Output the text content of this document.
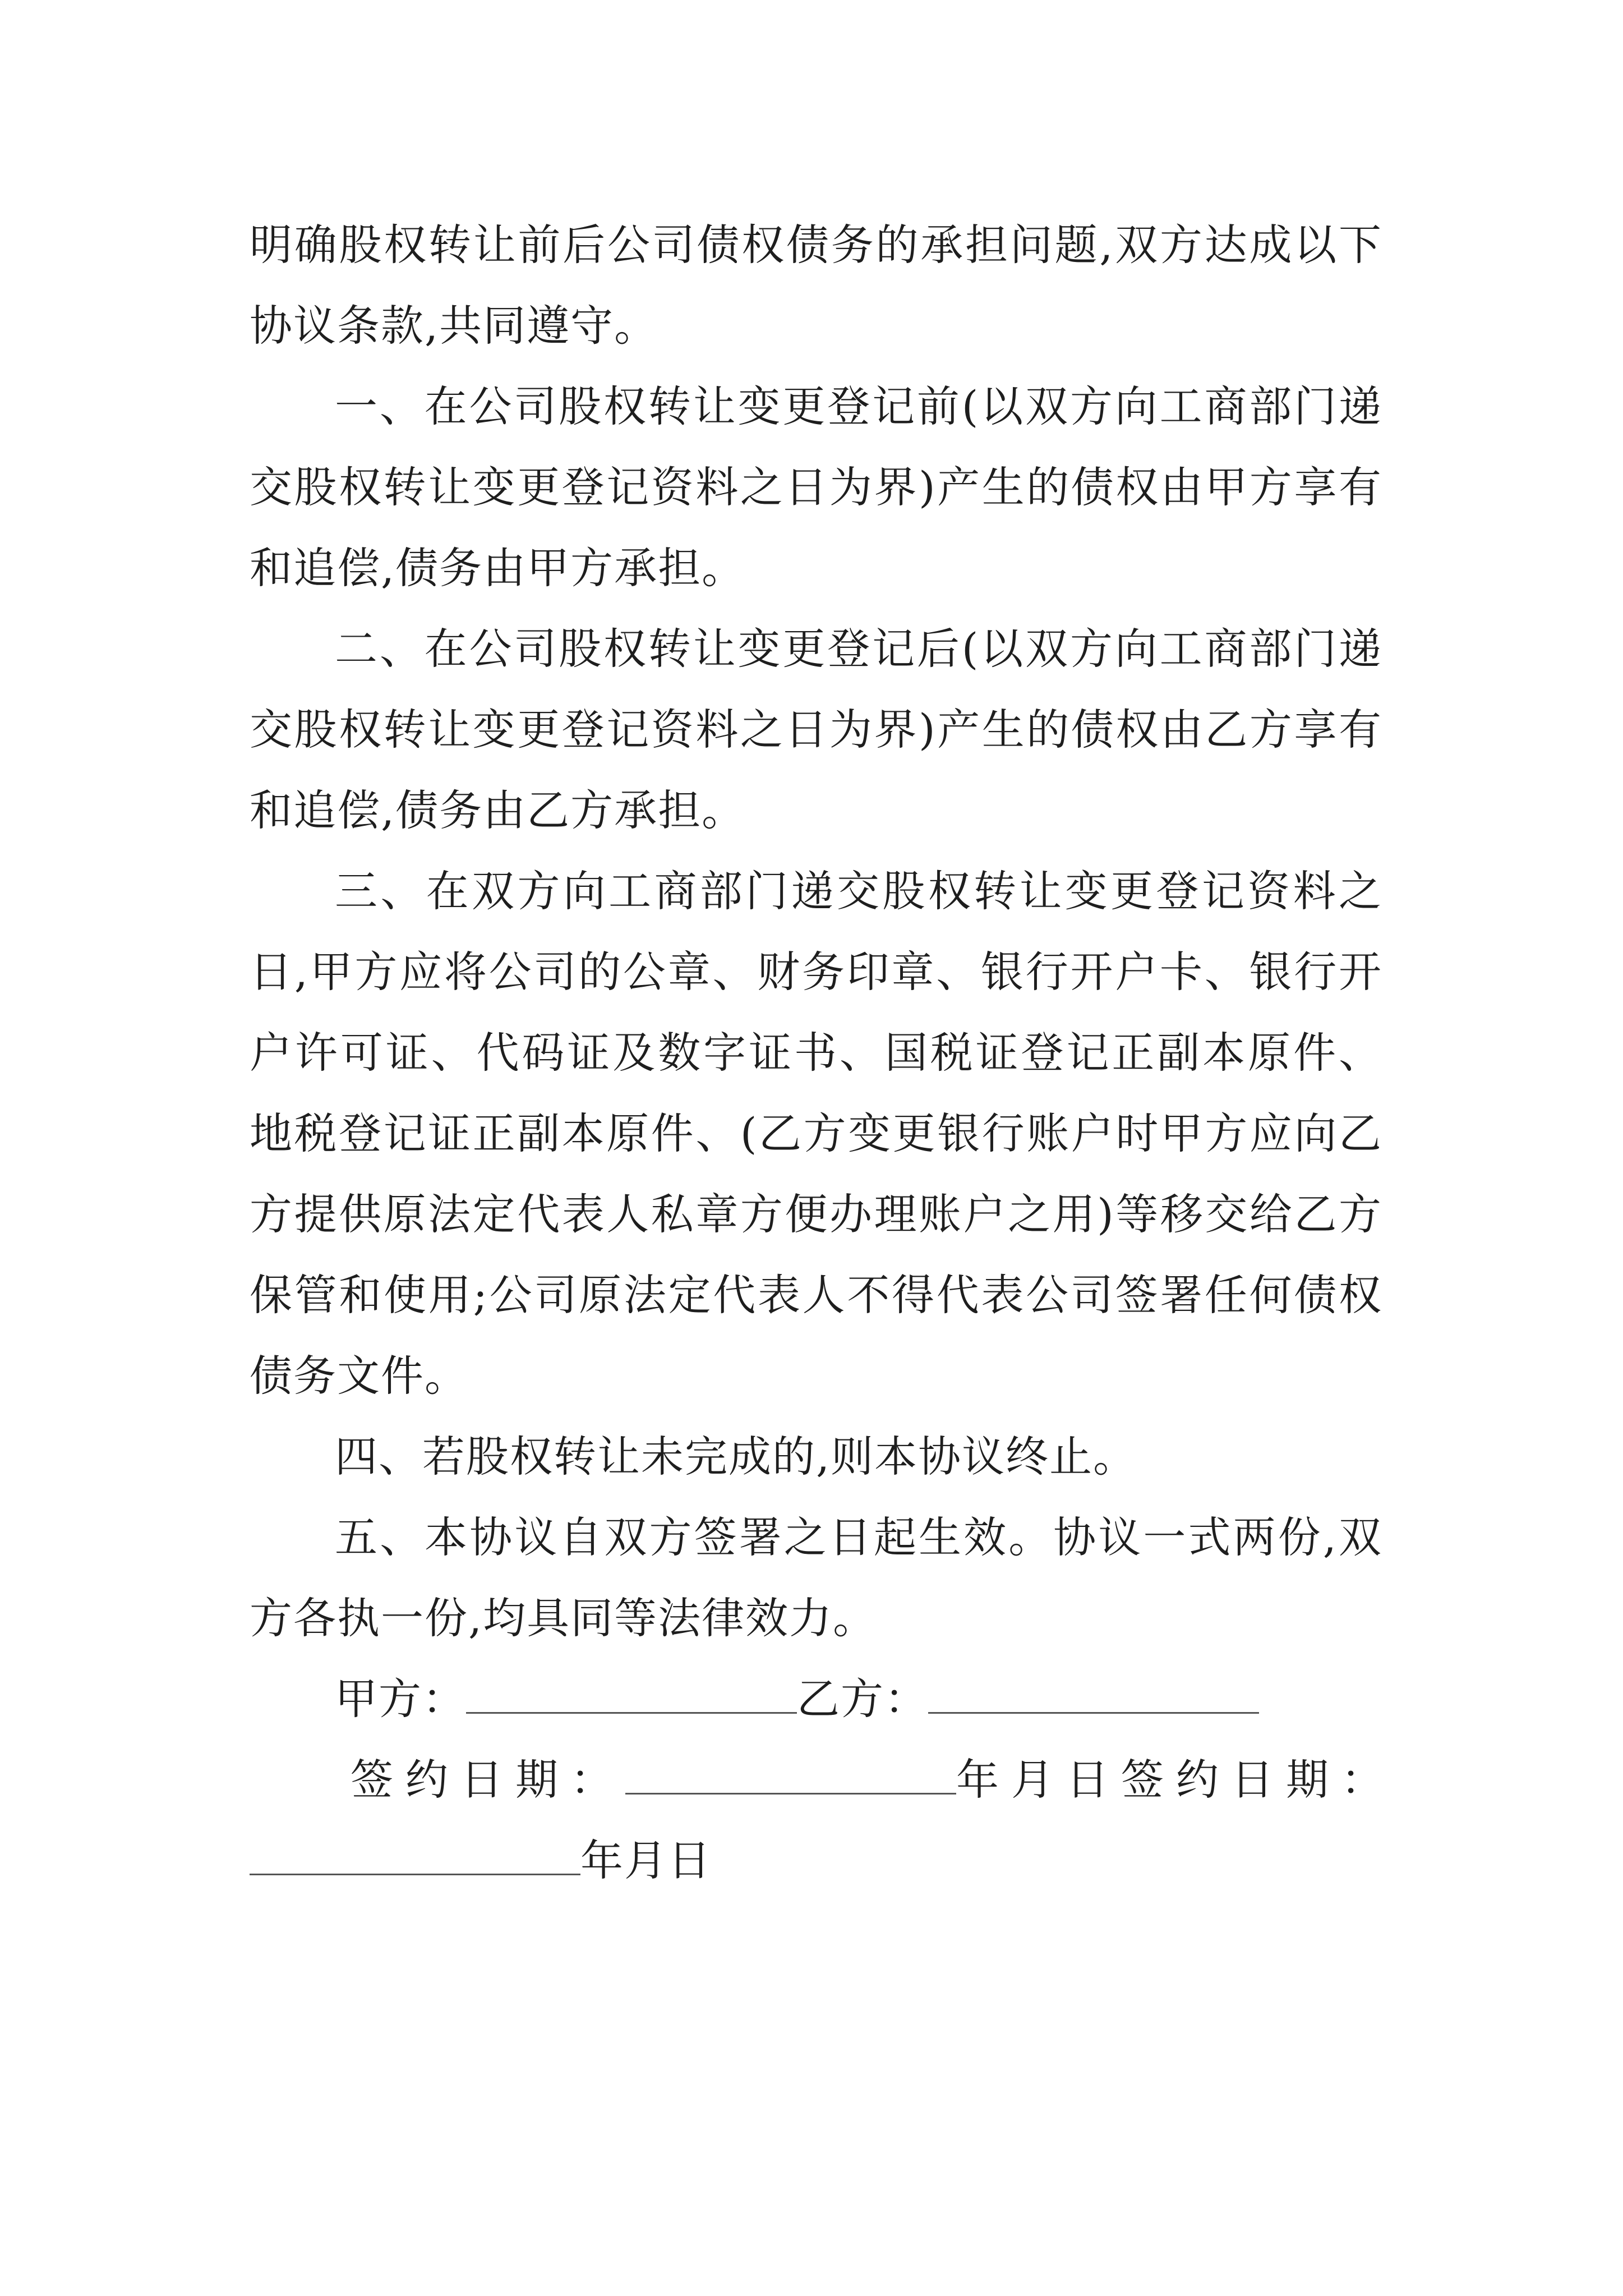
明确股权转让前后公司债权债务的承担问题,双方达成以下协议条款,共同遵守。

一、在公司股权转让变更登记前(以双方向工商部门递交股权转让变更登记资料之日为界)产生的债权由甲方享有和追偿,债务由甲方承担。

二、在公司股权转让变更登记后(以双方向工商部门递交股权转让变更登记资料之日为界)产生的债权由乙方享有和追偿,债务由乙方承担。

三、在双方向工商部门递交股权转让变更登记资料之日,甲方应将公司的公章、财务印章、银行开户卡、银行开户许可证、代码证及数字证书、国税证登记正副本原件、地税登记证正副本原件、(乙方变更银行账户时甲方应向乙方提供原法定代表人私章方便办理账户之用)等移交给乙方保管和使用;公司原法定代表人不得代表公司签署任何债权债务文件。

四、若股权转让未完成的,则本协议终止。

五、本协议自双方签署之日起生效。协议一式两份,双方各执一份,均具同等法律效力。

甲方：	乙方：
签约日期：	年月日签约日期：
年月日
